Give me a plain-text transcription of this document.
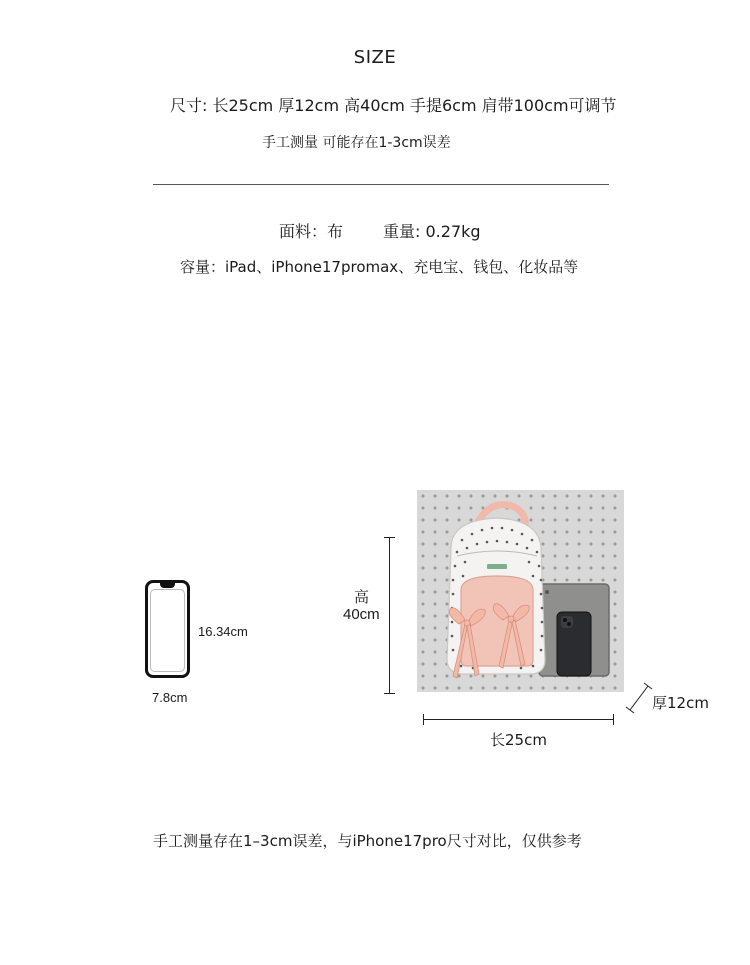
SIZE
尺寸: 长25cm 厚12cm 高40cm 手提6cm 肩带100cm可调节
手工测量 可能存在1-3cm误差
面料：布	重量: 0.27kg
容量：iPad、iPhone17promax、充电宝、钱包、化妆品等
16.34cm
7.8cm
高
40cm
长25cm
厚12cm
手工测量存在1–3cm误差，与iPhone17pro尺寸对比，仅供参考
